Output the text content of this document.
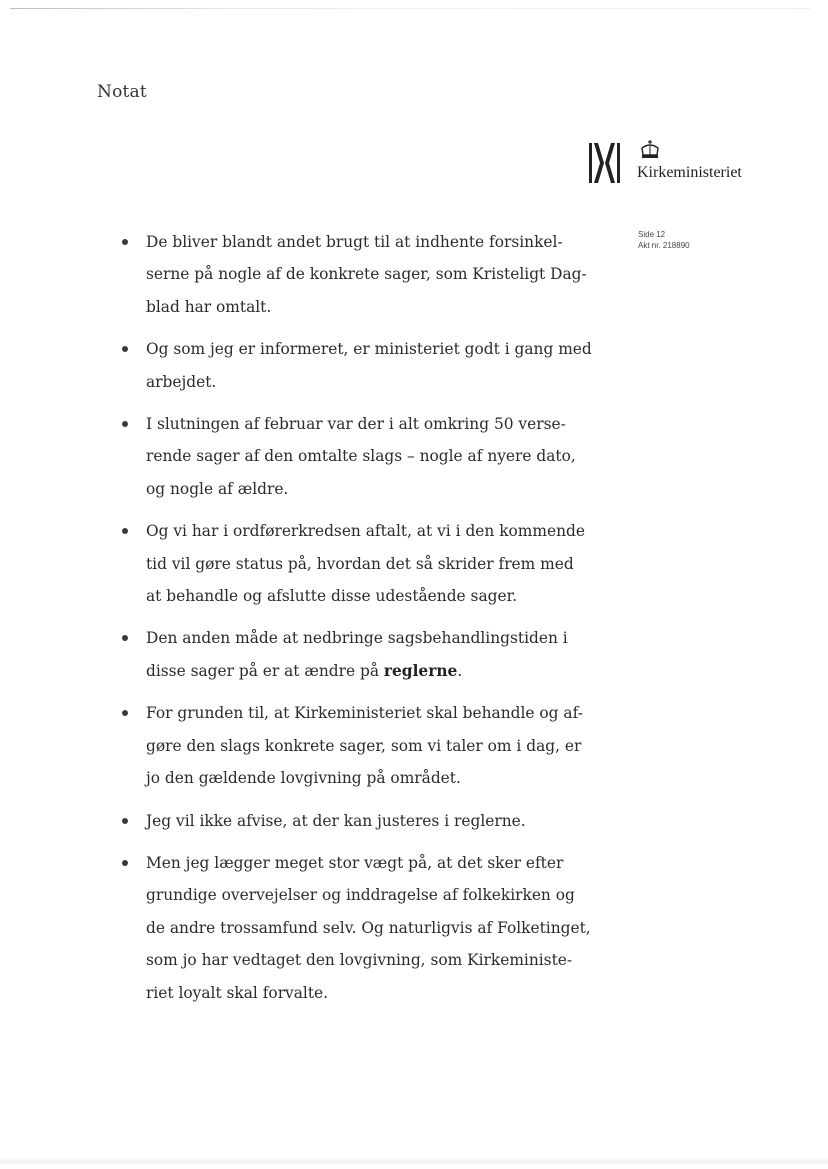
Notat
Kirkeministeriet
Side 12
Akt nr. 218890
De bliver blandt andet brugt til at indhente forsinkel-
serne på nogle af de konkrete sager, som Kristeligt Dag-
blad har omtalt.
Og som jeg er informeret, er ministeriet godt i gang med
arbejdet.
I slutningen af februar var der i alt omkring 50 verse-
rende sager af den omtalte slags – nogle af nyere dato,
og nogle af ældre.
Og vi har i ordførerkredsen aftalt, at vi i den kommende
tid vil gøre status på, hvordan det så skrider frem med
at behandle og afslutte disse udestående sager.
Den anden måde at nedbringe sagsbehandlingstiden i
disse sager på er at ændre på reglerne.
For grunden til, at Kirkeministeriet skal behandle og af-
gøre den slags konkrete sager, som vi taler om i dag, er
jo den gældende lovgivning på området.
Jeg vil ikke afvise, at der kan justeres i reglerne.
Men jeg lægger meget stor vægt på, at det sker efter
grundige overvejelser og inddragelse af folkekirken og
de andre trossamfund selv. Og naturligvis af Folketinget,
som jo har vedtaget den lovgivning, som Kirkeministe-
riet loyalt skal forvalte.
